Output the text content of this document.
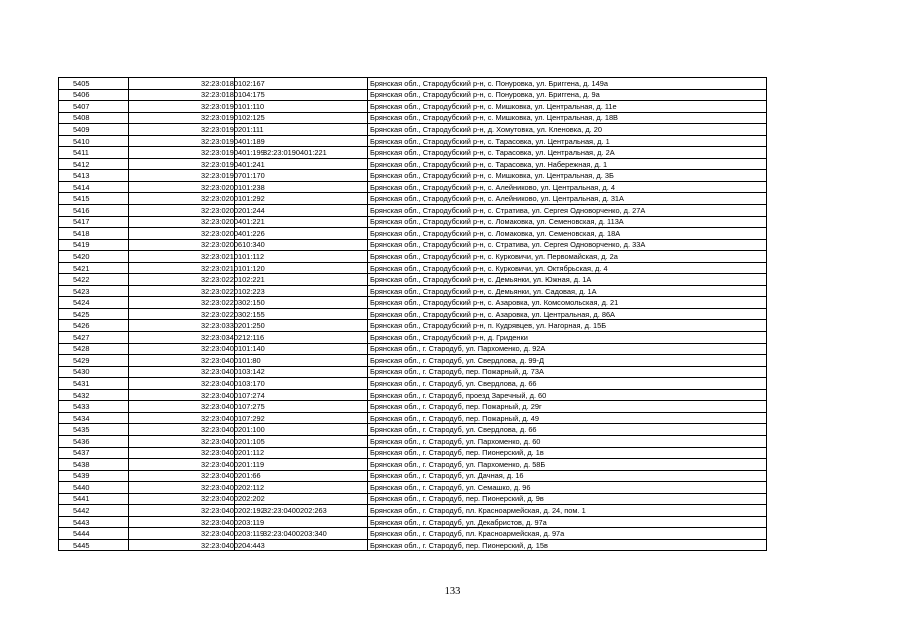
5405	32:23:0180102:167		Брянская обл., Стародубский р-н, с. Понуровка, ул. Бриггена, д. 149а
5406	32:23:0180104:175		Брянская обл., Стародубский р-н, с. Понуровка, ул. Бриггена, д. 9а
5407	32:23:0190101:110		Брянская обл., Стародубский р-н, с. Мишковка, ул. Центральная, д. 11е
5408	32:23:0190102:125		Брянская обл., Стародубский р-н, с. Мишковка, ул. Центральная, д. 18В
5409	32:23:0190201:111		Брянская обл., Стародубский р-н, д. Хомутовка, ул. Кленовка, д. 20
5410	32:23:0190401:189		Брянская обл., Стародубский р-н, с. Тарасовка, ул. Центральная, д. 1
5411	32:23:0190401:199	32:23:0190401:221	Брянская обл., Стародубский р-н, с. Тарасовка, ул. Центральная, д. 2А
5412	32:23:0190401:241		Брянская обл., Стародубский р-н, с. Тарасовка, ул. Набережная, д. 1
5413	32:23:0190701:170		Брянская обл., Стародубский р-н, с. Мишковка, ул. Центральная, д. 3Б
5414	32:23:0200101:238		Брянская обл., Стародубский р-н, с. Алейниково, ул. Центральная, д. 4
5415	32:23:0200101:292		Брянская обл., Стародубский р-н, с. Алейниково, ул. Центральная, д. 31А
5416	32:23:0200201:244		Брянская обл., Стародубский р-н, с. Стратива, ул. Сергея Одноворченко, д. 27А
5417	32:23:0200401:221		Брянская обл., Стародубский р-н, с. Ломаковка, ул. Семеновская, д. 113А
5418	32:23:0200401:226		Брянская обл., Стародубский р-н, с. Ломаковка, ул. Семеновская, д. 18А
5419	32:23:0200610:340		Брянская обл., Стародубский р-н, с. Стратива, ул. Сергея Одноворченко, д. 33А
5420	32:23:0210101:112		Брянская обл., Стародубский р-н, с. Курковичи, ул. Первомайская, д. 2а
5421	32:23:0210101:120		Брянская обл., Стародубский р-н, с. Курковичи, ул. Октябрьская, д. 4
5422	32:23:0220102:221		Брянская обл., Стародубский р-н, с. Демьянки, ул. Южная, д. 1А
5423	32:23:0220102:223		Брянская обл., Стародубский р-н, с. Демьянки, ул. Садовая, д. 1А
5424	32:23:0220302:150		Брянская обл., Стародубский р-н, с. Азаровка, ул. Комсомольская, д. 21
5425	32:23:0220302:155		Брянская обл., Стародубский р-н, с. Азаровка, ул. Центральная, д. 86А
5426	32:23:0330201:250		Брянская обл., Стародубский р-н, п. Кудрявцев, ул. Нагорная, д. 15Б
5427	32:23:0340212:116		Брянская обл., Стародубский р-н, д. Гриденки
5428	32:23:0400101:140		Брянская обл., г. Стародуб, ул. Пархоменко, д. 92А
5429	32:23:0400101:80		Брянская обл., г. Стародуб, ул. Свердлова, д. 99-Д
5430	32:23:0400103:142		Брянская обл., г. Стародуб, пер. Пожарный, д. 73А
5431	32:23:0400103:170		Брянская обл., г. Стародуб, ул. Свердлова, д. 66
5432	32:23:0400107:274		Брянская обл., г. Стародуб, проезд Заречный, д. 60
5433	32:23:0400107:275		Брянская обл., г. Стародуб, пер. Пожарный, д. 29г
5434	32:23:0400107:292		Брянская обл., г. Стародуб, пер. Пожарный, д. 49
5435	32:23:0400201:100		Брянская обл., г. Стародуб, ул. Свердлова, д. 66
5436	32:23:0400201:105		Брянская обл., г. Стародуб, ул. Пархоменко, д. 60
5437	32:23:0400201:112		Брянская обл., г. Стародуб, пер. Пионерский, д. 1в
5438	32:23:0400201:119		Брянская обл., г. Стародуб, ул. Пархоменко, д. 58Б
5439	32:23:0400201:66		Брянская обл., г. Стародуб, ул. Дачная, д. 16
5440	32:23:0400202:112		Брянская обл., г. Стародуб, ул. Семашко, д. 96
5441	32:23:0400202:202		Брянская обл., г. Стародуб, пер. Пионерский, д. 9в
5442	32:23:0400202:192	32:23:0400202:263	Брянская обл., г. Стародуб, пл. Красноармейская, д. 24, пом. 1
5443	32:23:0400203:119		Брянская обл., г. Стародуб, ул. Декабристов, д. 97а
5444	32:23:0400203:119	32:23:0400203:340	Брянская обл., г. Стародуб, пл. Красноармейская, д. 97а
5445	32:23:0400204:443		Брянская обл., г. Стародуб, пер. Пионерский, д. 15в
133
